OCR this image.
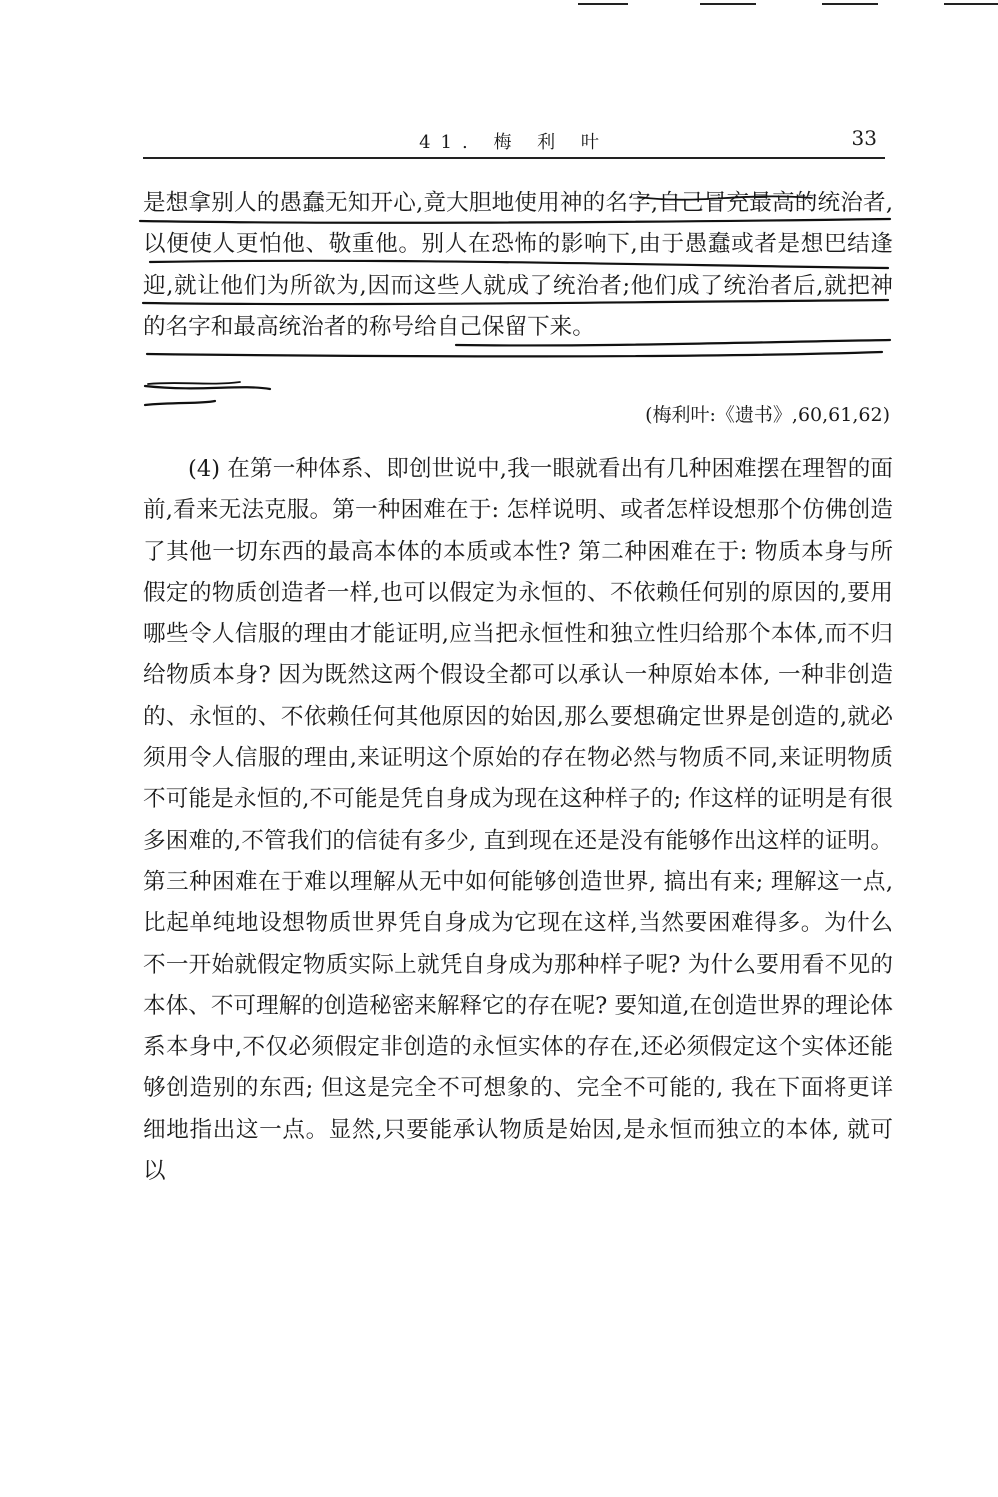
41. 梅 利 叶	33

是想拿别人的愚蠢无知开心,竟大胆地使用神的名字,自己冒充最高的统治者,以便使人更怕他、敬重他。别人在恐怖的影响下,由于愚蠢或者是想巴结逢迎,就让他们为所欲为,因而这些人就成了统治者;他们成了统治者后,就把神的名字和最高统治者的称号给自己保留下来。

(梅利叶:《遗书》,60,61,62)

(4) 在第一种体系、即创世说中,我一眼就看出有几种困难摆在理智的面前,看来无法克服。第一种困难在于: 怎样说明、或者怎样设想那个仿佛创造了其他一切东西的最高本体的本质或本性? 第二种困难在于: 物质本身与所假定的物质创造者一样,也可以假定为永恒的、不依赖任何别的原因的,要用哪些令人信服的理由才能证明,应当把永恒性和独立性归给那个本体,而不归给物质本身? 因为既然这两个假设全都可以承认一种原始本体, 一种非创造的、永恒的、不依赖任何其他原因的始因,那么要想确定世界是创造的,就必须用令人信服的理由,来证明这个原始的存在物必然与物质不同,来证明物质不可能是永恒的,不可能是凭自身成为现在这种样子的; 作这样的证明是有很多困难的,不管我们的信徒有多少, 直到现在还是没有能够作出这样的证明。第三种困难在于难以理解从无中如何能够创造世界, 搞出有来; 理解这一点,比起单纯地设想物质世界凭自身成为它现在这样,当然要困难得多。为什么不一开始就假定物质实际上就凭自身成为那种样子呢? 为什么要用看不见的本体、不可理解的创造秘密来解释它的存在呢? 要知道,在创造世界的理论体系本身中,不仅必须假定非创造的永恒实体的存在,还必须假定这个实体还能够创造别的东西; 但这是完全不可想象的、完全不可能的, 我在下面将更详细地指出这一点。显然,只要能承认物质是始因,是永恒而独立的本体, 就可以
